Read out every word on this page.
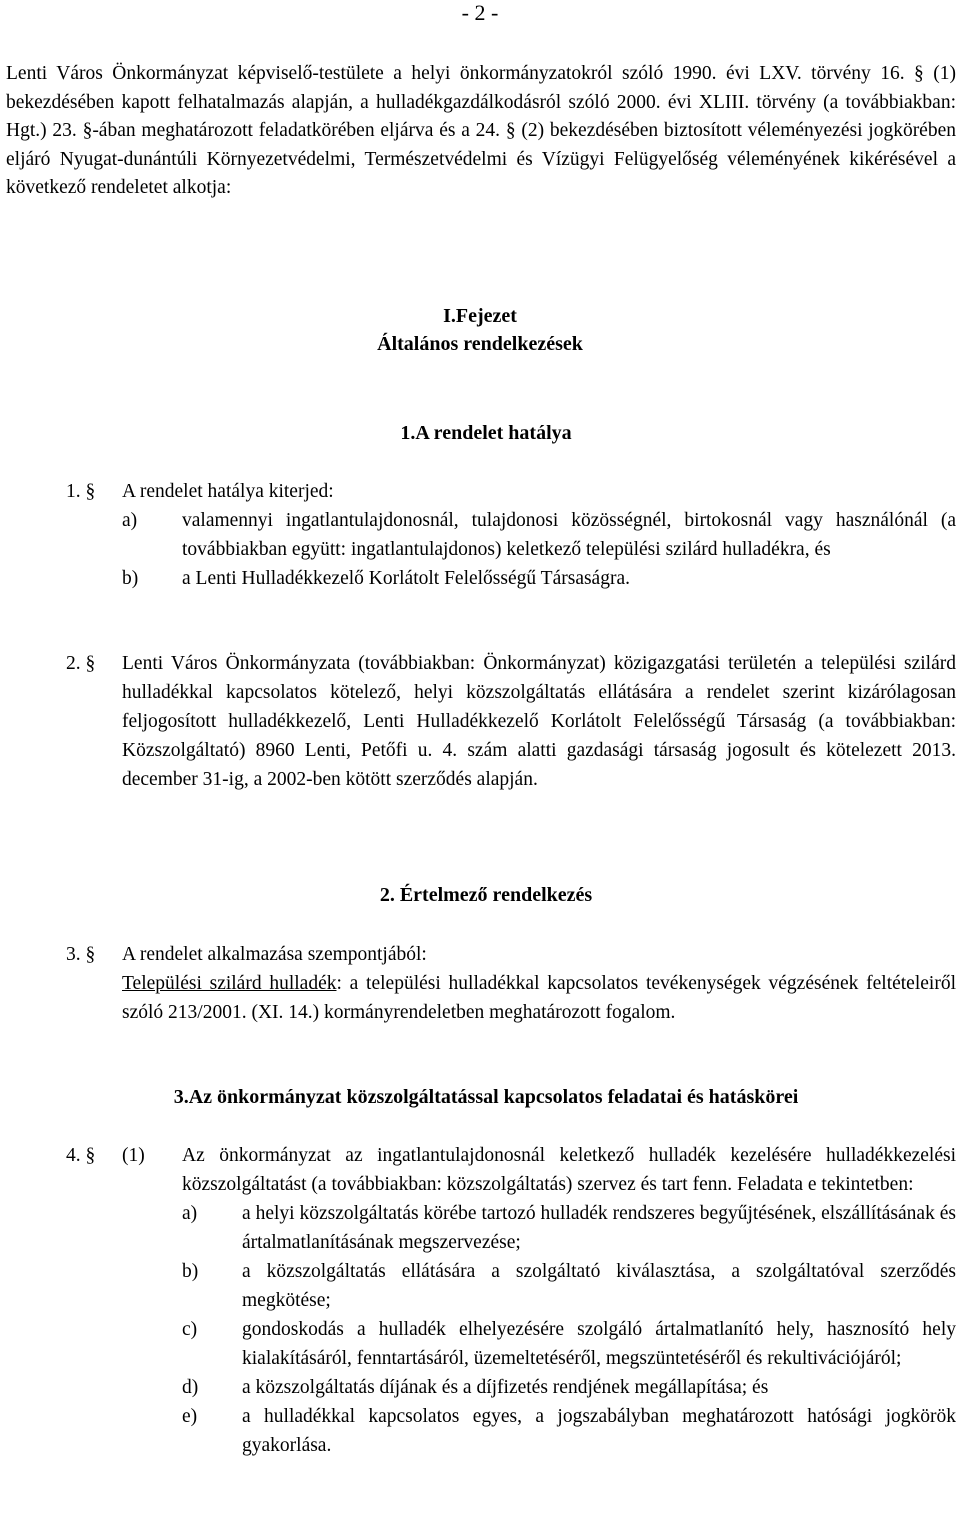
- 2 -
Lenti Város Önkormányzat képviselő-testülete a helyi önkormányzatokról szóló 1990. évi LXV. törvény 16. § (1) bekezdésében kapott felhatalmazás alapján, a hulladékgazdálkodásról szóló 2000. évi XLIII. törvény (a továbbiakban: Hgt.) 23. §-ában meghatározott feladatkörében eljárva és a 24. § (2) bekezdésében biztosított véleményezési jogkörében eljáró Nyugat-dunántúli Környezetvédelmi, Természetvédelmi és Vízügyi Felügyelőség véleményének kikérésével a következő rendeletet alkotja:
I.Fejezet
Általános rendelkezések
1.A rendelet hatálya
1. §	A rendelet hatálya kiterjed:
a) valamennyi ingatlantulajdonosnál, tulajdonosi közösségnél, birtokosnál vagy használónál (a továbbiakban együtt: ingatlantulajdonos) keletkező települési szilárd hulladékra, és
b) a Lenti Hulladékkezelő Korlátolt Felelősségű Társaságra.
2. §	Lenti Város Önkormányzata (továbbiakban: Önkormányzat) közigazgatási területén a települési szilárd hulladékkal kapcsolatos kötelező, helyi közszolgáltatás ellátására a rendelet szerint kizárólagosan feljogosított hulladékkezelő, Lenti Hulladékkezelő Korlátolt Felelősségű Társaság (a továbbiakban: Közszolgáltató) 8960 Lenti, Petőfi u. 4. szám alatti gazdasági társaság jogosult és kötelezett 2013. december 31-ig, a 2002-ben kötött szerződés alapján.
2. Értelmező rendelkezés
3. §	A rendelet alkalmazása szempontjából:
Települési szilárd hulladék: a települési hulladékkal kapcsolatos tevékenységek végzésének feltételeiről szóló 213/2001. (XI. 14.) kormányrendeletben meghatározott fogalom.
3.Az önkormányzat közszolgáltatással kapcsolatos feladatai és hatáskörei
4. § (1) Az önkormányzat az ingatlantulajdonosnál keletkező hulladék kezelésére hulladékkezelési közszolgáltatást (a továbbiakban: közszolgáltatás) szervez és tart fenn. Feladata e tekintetben:
a) a helyi közszolgáltatás körébe tartozó hulladék rendszeres begyűjtésének, elszállításának és ártalmatlanításának megszervezése;
b) a közszolgáltatás ellátására a szolgáltató kiválasztása, a szolgáltatóval szerződés megkötése;
c) gondoskodás a hulladék elhelyezésére szolgáló ártalmatlanító hely, hasznosító hely kialakításáról, fenntartásáról, üzemeltetéséről, megszüntetéséről és rekultivációjáról;
d) a közszolgáltatás díjának és a díjfizetés rendjének megállapítása; és
e) a hulladékkal kapcsolatos egyes, a jogszabályban meghatározott hatósági jogkörök gyakorlása.
